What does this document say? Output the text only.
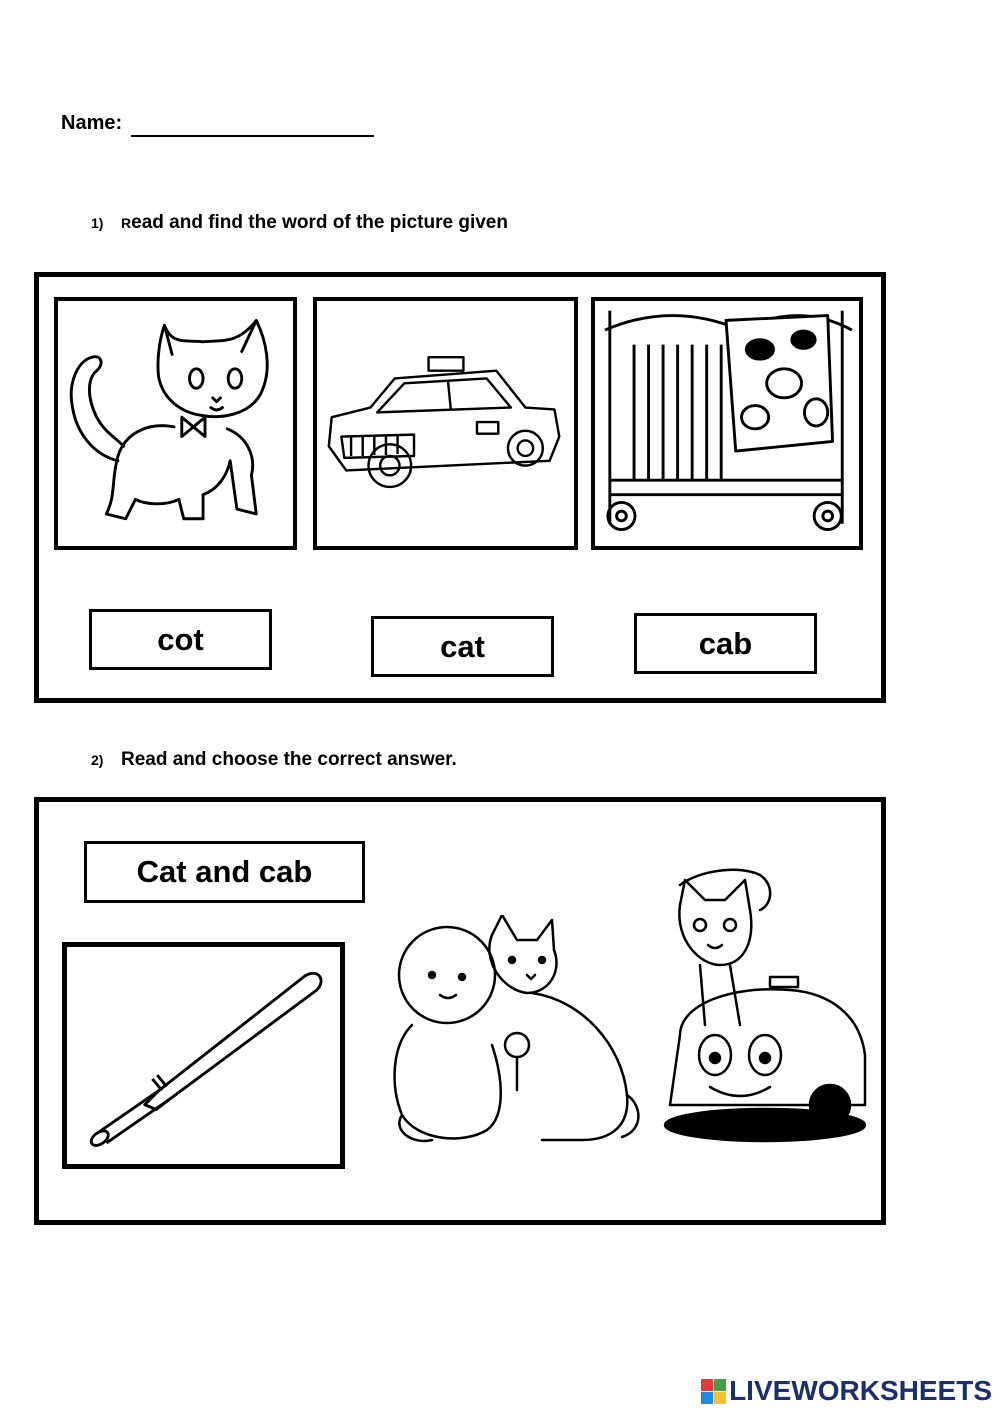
Name:
1) Read and find the word of the picture given
cot	cat	cab
2) Read and choose the correct answer.
Cat and cab
LIVEWORKSHEETS
